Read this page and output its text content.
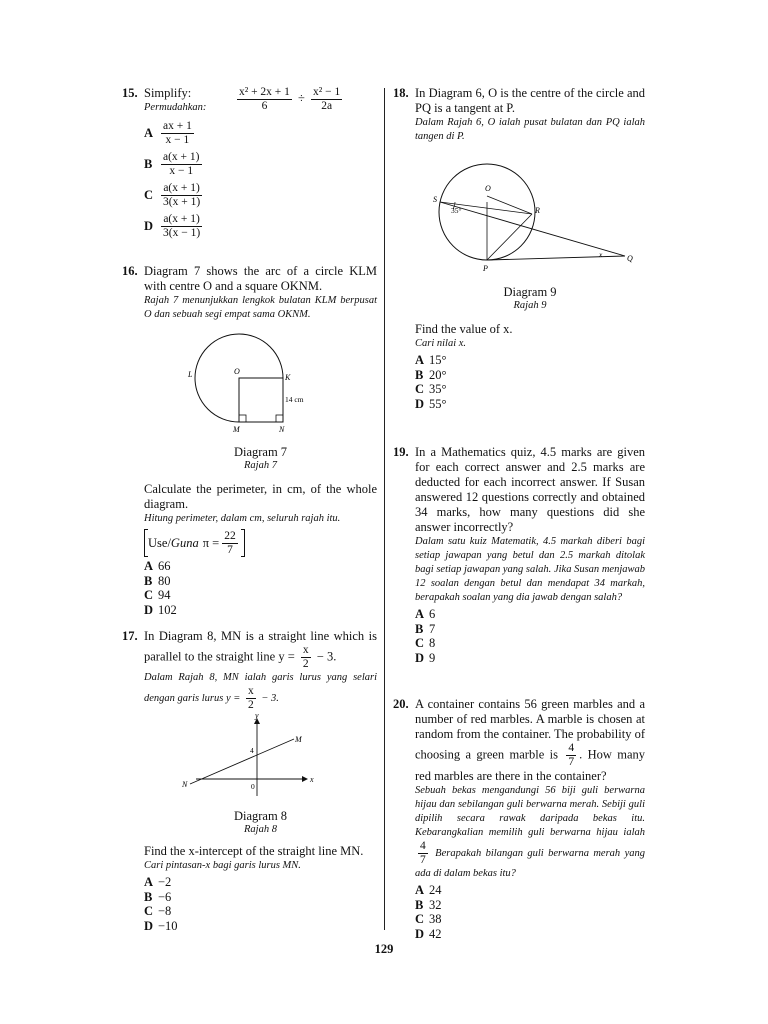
15. Simplify:
Permudahkan:	$\frac{\text{x² + 2x + 1}}{6} \div \frac{\text{x² − 1}}{2a}$
A $\frac{ax + 1}{x - 1}$
B $\frac{a(x + 1)}{x - 1}$
C $\frac{a(x + 1)}{3(x + 1)}$
D $\frac{a(x + 1)}{3(x - 1)}$
16. Diagram 7 shows the arc of a circle KLM with centre O and a square OKNM.
Rajah 7 menunjukkan lengkok bulatan KLM berpusat O dan sebuah segi empat sama OKNM.
L	O
K
M	N
14 cm
Diagram 7
Rajah 7
Calculate the perimeter, in cm, of the whole diagram.
Hitung perimeter, dalam cm, seluruh rajah itu.
Use/ Guna $\pi = \frac{22}{7}$
A 66
B 80
C 94
D 102
17. In Diagram 8, MN is a straight line which is parallel to the straight line $y = \frac{x}{2} - 3$.
Dalam Rajah 8, MN ialah garis lurus yang selari dengan garis lurus $y = \frac{x}{2} - 3$.
y
x
M
N
4
0
Diagram 8
Rajah 8
Find the x-intercept of the straight line MN.
Cari pintasan-x bagi garis lurus MN.
A −2
B −6
C −8
D −10
18. In Diagram 6, O is the centre of the circle and PQ is a tangent at P.
Dalam Rajah 6, O ialah pusat bulatan dan PQ ialah tangen di P.
O
S
R
P
Q
35°
x
Diagram 9
Rajah 9
Find the value of x.
Cari nilai x.
A 15°
B 20°
C 35°
D 55°
19. In a Mathematics quiz, 4.5 marks are given for each correct answer and 2.5 marks are deducted for each incorrect answer. If Susan answered 12 questions correctly and obtained 34 marks, how many questions did she answer incorrectly?
Dalam satu kuiz Matematik, 4.5 markah diberi bagi setiap jawapan yang betul dan 2.5 markah ditolak bagi setiap jawapan yang salah. Jika Susan menjawab 12 soalan dengan betul dan mendapat 34 markah, berapakah soalan yang dia jawab dengan salah?
A 6
B 7
C 8
D 9
20. A container contains 56 green marbles and a number of red marbles. A marble is chosen at random from the container. The probability of choosing a green marble is $\frac{4}{7}$ . How many red marbles are there in the container?
Sebuah bekas mengandungi 56 biji guli berwarna hijau dan sebilangan guli berwarna merah. Sebiji guli dipilih secara rawak daripada bekas itu. Kebarangkalian memilih guli berwarna hijau ialah
$\frac{4}{7}$ Berapakah bilangan guli berwarna merah yang ada di dalam bekas itu?
A 24
B 32
C 38
D 42
129
